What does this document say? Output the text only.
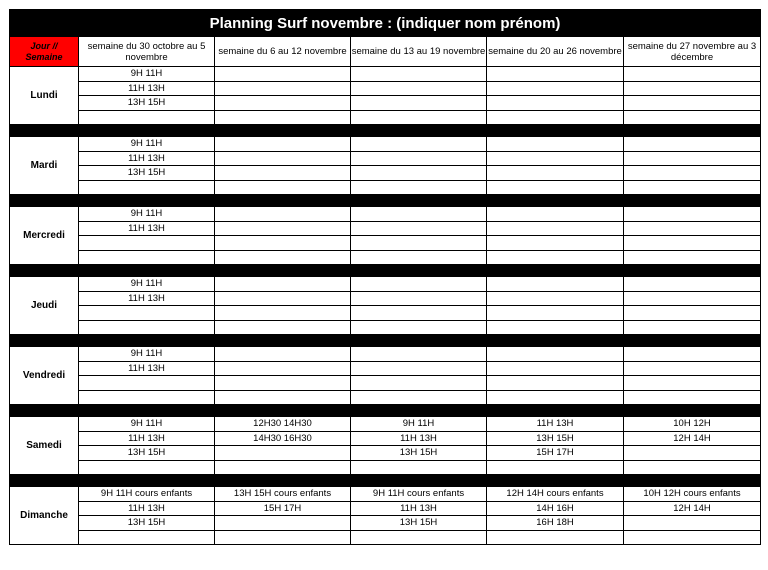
Planning Surf novembre : (indiquer nom prénom)					
Jour //
Semaine	semaine du 30 octobre au 5 novembre	semaine du 6 au 12 novembre	semaine du 13 au 19 novembre	semaine du 20 au 26 novembre	semaine du 27 novembre au 3 décembre
Lundi	9H 11H				
	11H 13H				
	13H 15H				

Mardi	9H 11H				
	11H 13H				
	13H 15H				

Mercredi	9H 11H				
	11H 13H				

Jeudi	9H 11H				
	11H 13H				

Vendredi	9H 11H				
	11H 13H				

Samedi	9H 11H	12H30 14H30	9H 11H	11H 13H	10H 12H
	11H 13H	14H30 16H30	11H 13H	13H 15H	12H 14H
	13H 15H		13H 15H	15H 17H	

Dimanche	9H 11H cours enfants	13H 15H cours enfants	9H 11H cours enfants	12H 14H cours enfants	10H 12H cours enfants
	11H 13H	15H 17H	11H 13H	14H 16H	12H 14H
	13H 15H		13H 15H	16H 18H	
